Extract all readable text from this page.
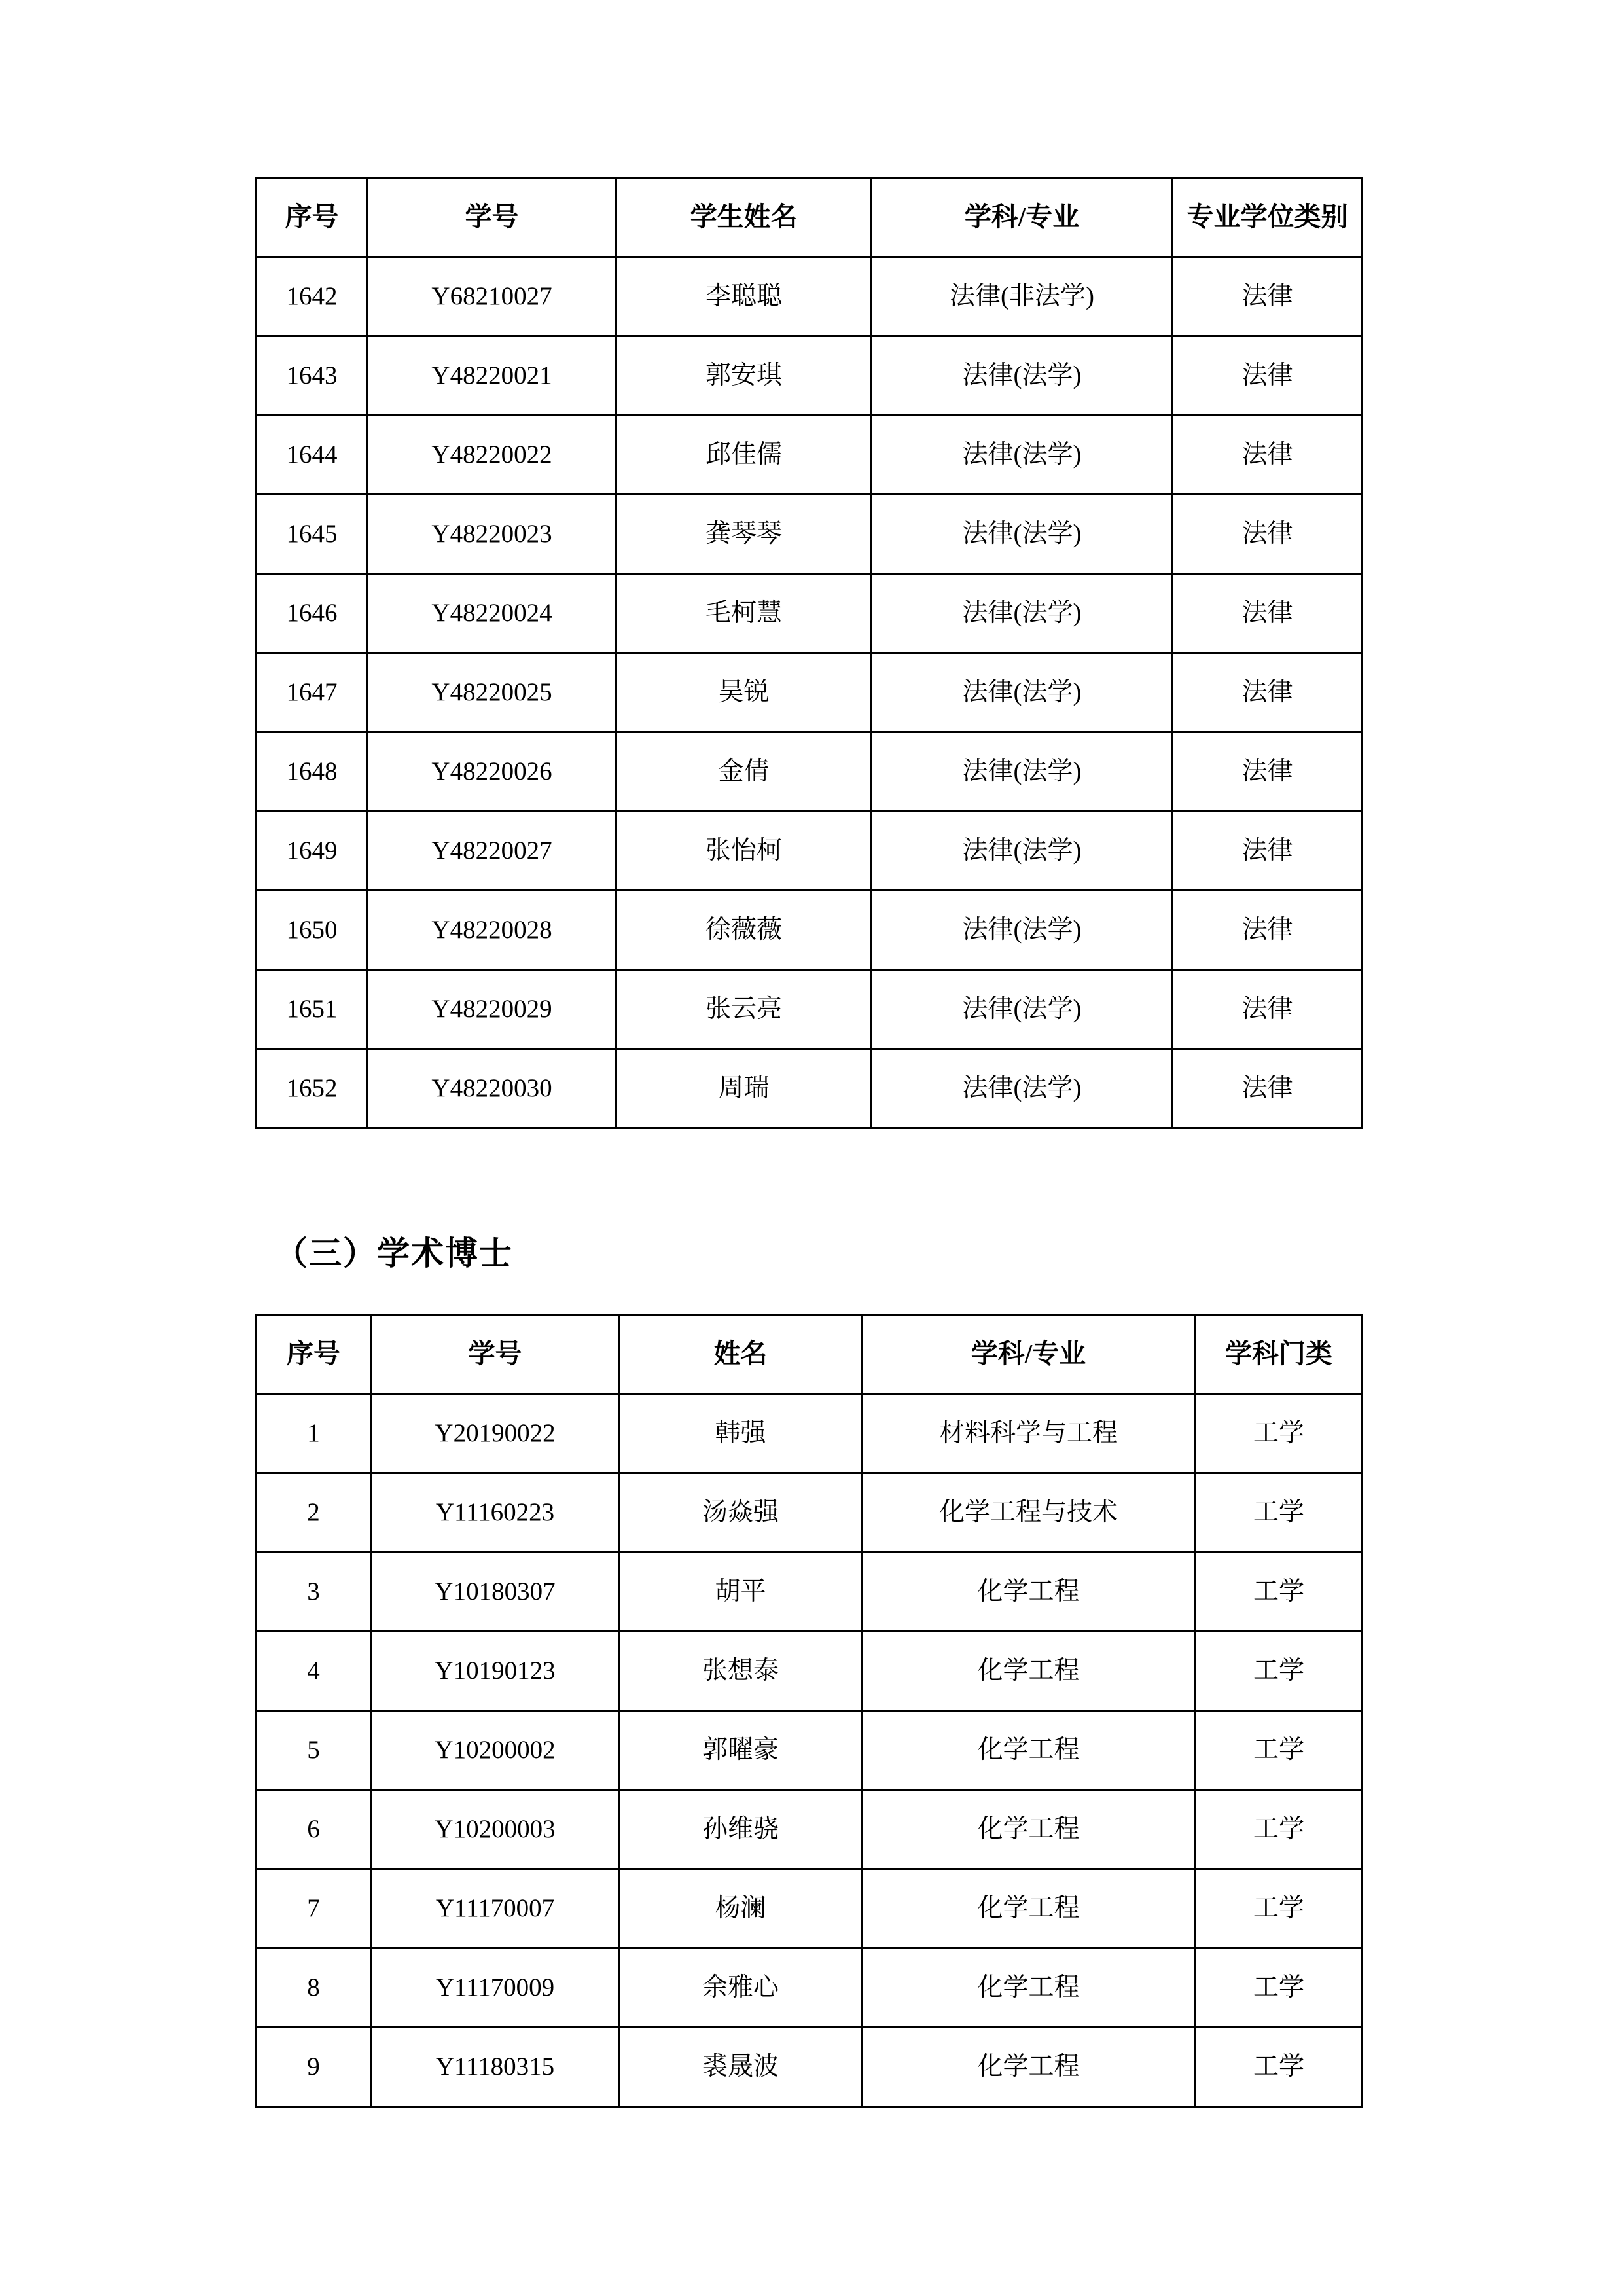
序号	学号	学生姓名	学科/专业	专业学位类别
1642	Y68210027	李聪聪	法律(非法学)	法律
1643	Y48220021	郭安琪	法律(法学)	法律
1644	Y48220022	邱佳儒	法律(法学)	法律
1645	Y48220023	龚琴琴	法律(法学)	法律
1646	Y48220024	毛柯慧	法律(法学)	法律
1647	Y48220025	吴锐	法律(法学)	法律
1648	Y48220026	金倩	法律(法学)	法律
1649	Y48220027	张怡柯	法律(法学)	法律
1650	Y48220028	徐薇薇	法律(法学)	法律
1651	Y48220029	张云亮	法律(法学)	法律
1652	Y48220030	周瑞	法律(法学)	法律
（三）学术博士
序号	学号	姓名	学科/专业	学科门类
1	Y20190022	韩强	材料科学与工程	工学
2	Y11160223	汤焱强	化学工程与技术	工学
3	Y10180307	胡平	化学工程	工学
4	Y10190123	张想泰	化学工程	工学
5	Y10200002	郭曜豪	化学工程	工学
6	Y10200003	孙维骁	化学工程	工学
7	Y11170007	杨澜	化学工程	工学
8	Y11170009	余雅心	化学工程	工学
9	Y11180315	裘晟波	化学工程	工学
